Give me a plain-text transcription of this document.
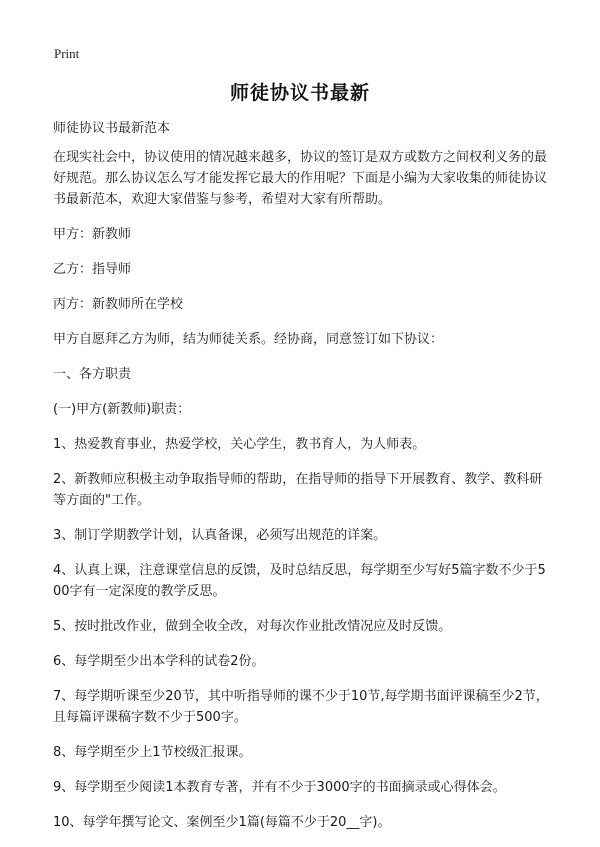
Print
师徒协议书最新

师徒协议书最新范本

在现实社会中，协议使用的情况越来越多，协议的签订是双方或数方之间权利义务的最好规范。那么协议怎么写才能发挥它最大的作用呢？下面是小编为大家收集的师徒协议书最新范本，欢迎大家借鉴与参考，希望对大家有所帮助。

甲方：新教师

乙方：指导师

丙方：新教师所在学校

甲方自愿拜乙方为师，结为师徒关系。经协商，同意签订如下协议：

一、各方职责

(一)甲方(新教师)职责：

1、热爱教育事业，热爱学校，关心学生，教书育人，为人师表。

2、新教师应积极主动争取指导师的帮助，在指导师的指导下开展教育、教学、教科研等方面的"工作。

3、制订学期教学计划，认真备课，必须写出规范的详案。

4、认真上课，注意课堂信息的反馈，及时总结反思，每学期至少写好5篇字数不少于500字有一定深度的教学反思。

5、按时批改作业，做到全收全改，对每次作业批改情况应及时反馈。

6、每学期至少出本学科的试卷2份。

7、每学期听课至少20节，其中听指导师的课不少于10节,每学期书面评课稿至少2节，且每篇评课稿字数不少于500字。

8、每学期至少上1节校级汇报课。

9、每学期至少阅读1本教育专著，并有不少于3000字的书面摘录或心得体会。

10、每学年撰写论文、案例至少1篇(每篇不少于20__字)。
